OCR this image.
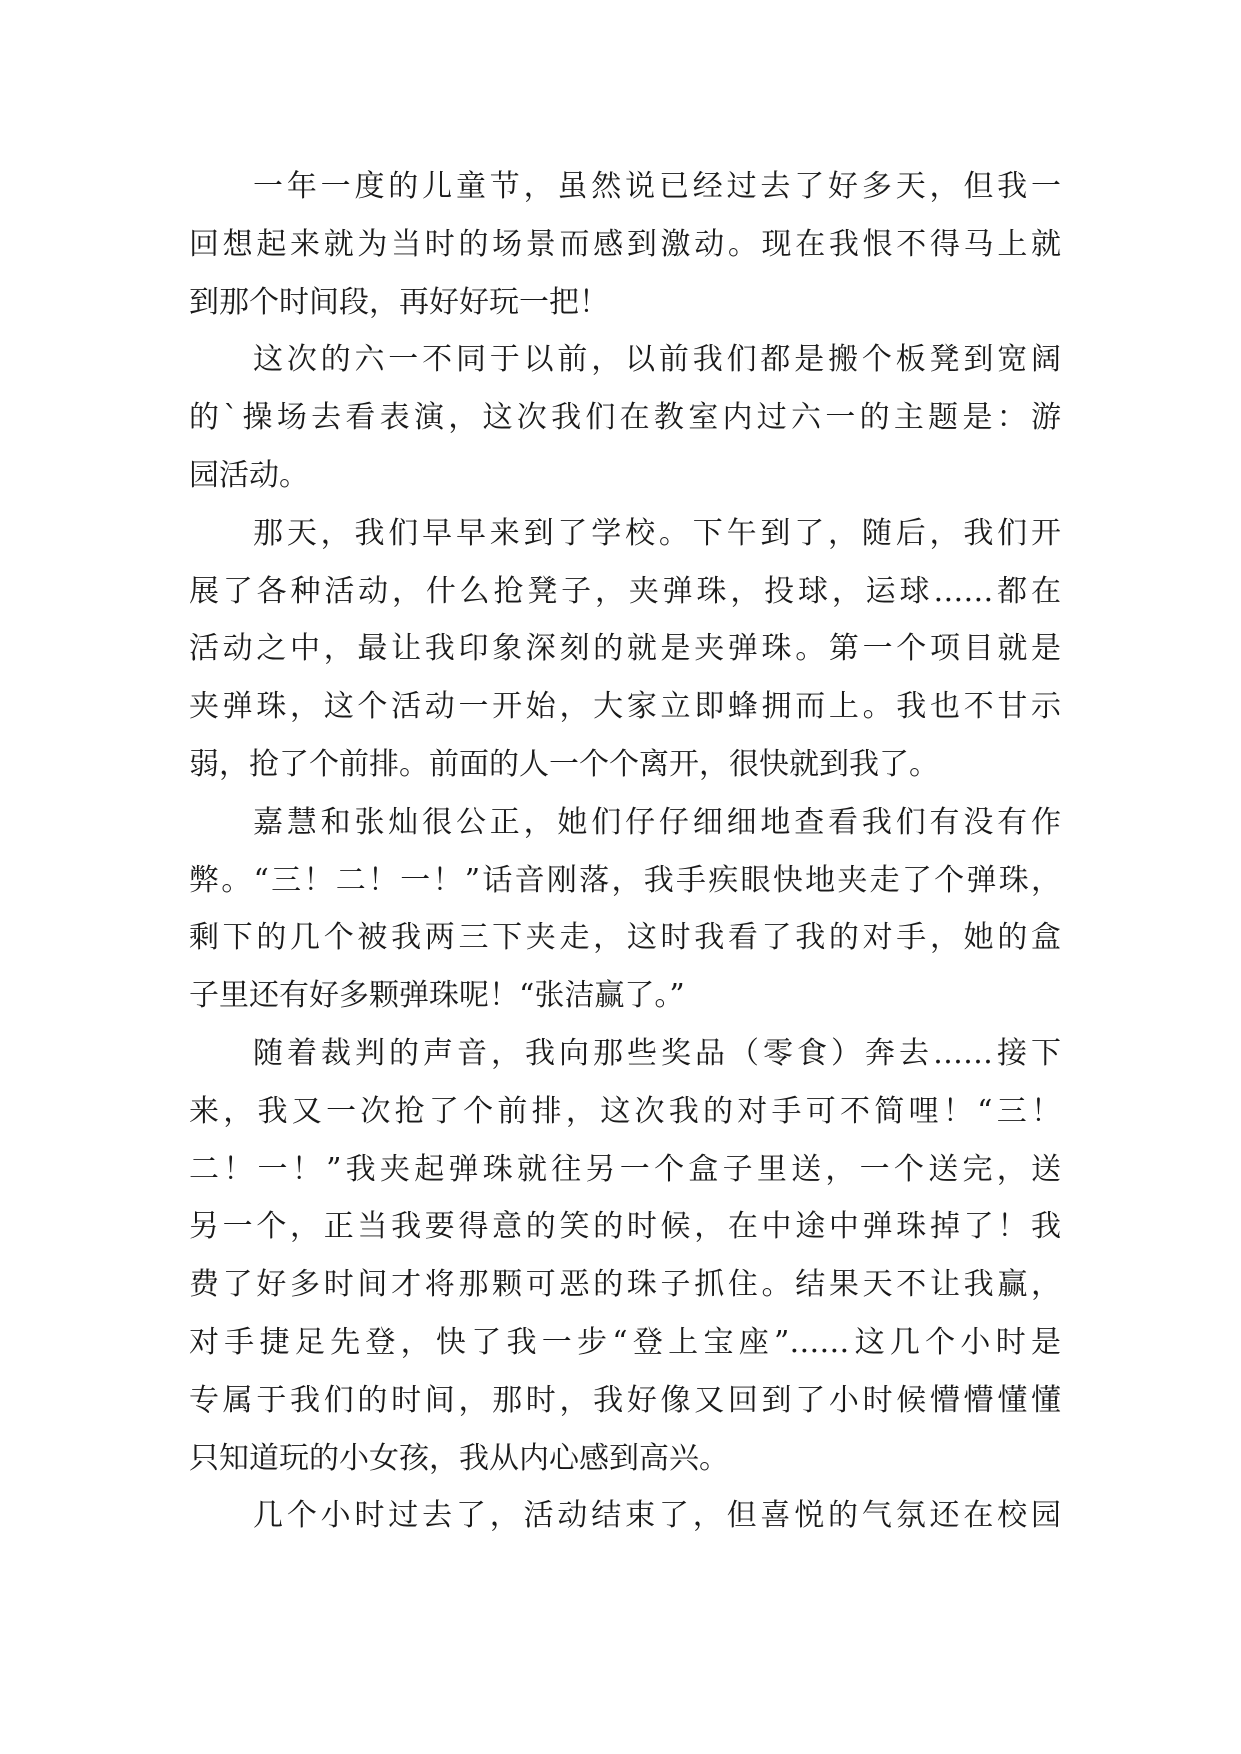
一年一度的儿童节，虽然说已经过去了好多天，但我一
回想起来就为当时的场景而感到激动。现在我恨不得马上就
到那个时间段，再好好玩一把！
这次的六一不同于以前，以前我们都是搬个板凳到宽阔
的`操场去看表演，这次我们在教室内过六一的主题是：游
园活动。
那天，我们早早来到了学校。下午到了，随后，我们开
展了各种活动，什么抢凳子，夹弹珠，投球，运球……都在
活动之中，最让我印象深刻的就是夹弹珠。第一个项目就是
夹弹珠，这个活动一开始，大家立即蜂拥而上。我也不甘示
弱，抢了个前排。前面的人一个个离开，很快就到我了。
嘉慧和张灿很公正，她们仔仔细细地查看我们有没有作
弊。“三！二！一！”话音刚落，我手疾眼快地夹走了个弹珠，
剩下的几个被我两三下夹走，这时我看了我的对手，她的盒
子里还有好多颗弹珠呢！“张洁赢了。”
随着裁判的声音，我向那些奖品（零食）奔去……接下
来，我又一次抢了个前排，这次我的对手可不简哩！“三！
二！一！”我夹起弹珠就往另一个盒子里送，一个送完，送
另一个，正当我要得意的笑的时候，在中途中弹珠掉了！我
费了好多时间才将那颗可恶的珠子抓住。结果天不让我赢，
对手捷足先登，快了我一步“登上宝座”……这几个小时是
专属于我们的时间，那时，我好像又回到了小时候懵懵懂懂
只知道玩的小女孩，我从内心感到高兴。
几个小时过去了，活动结束了，但喜悦的气氛还在校园
